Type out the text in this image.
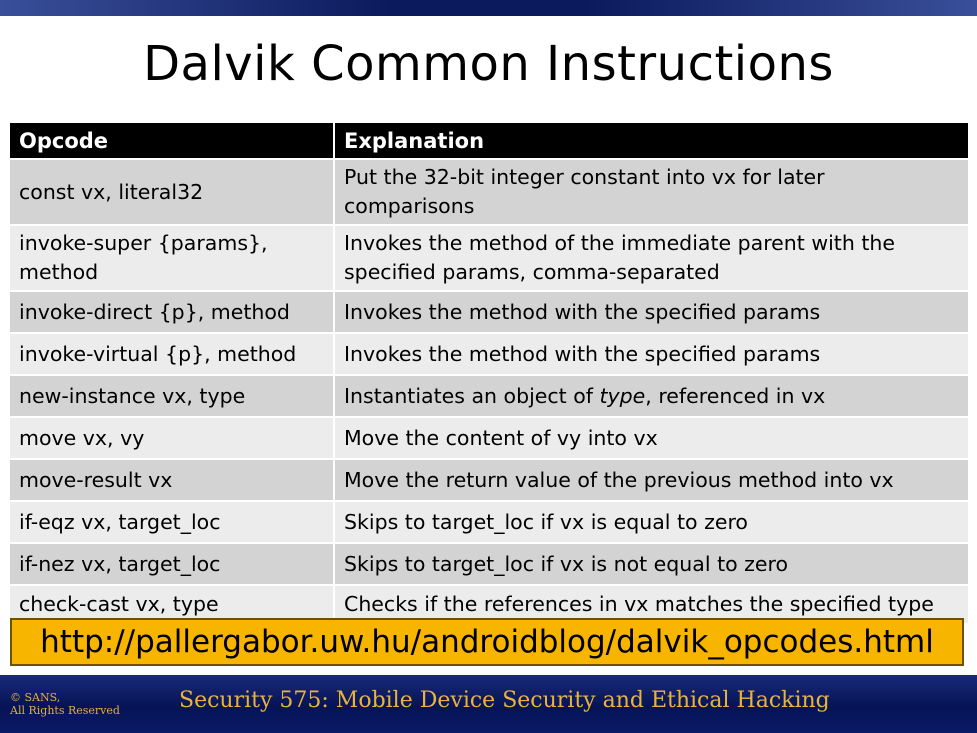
Dalvik Common Instructions
Opcode	Explanation
const vx, literal32	Put the 32-bit integer constant into vx for later comparisons
invoke-super {params}, method	Invokes the method of the immediate parent with the specified params, comma-separated
invoke-direct {p}, method	Invokes the method with the specified params
invoke-virtual {p}, method	Invokes the method with the specified params
new-instance vx, type	Instantiates an object of type, referenced in vx
move vx, vy	Move the content of vy into vx
move-result vx	Move the return value of the previous method into vx
if-eqz vx, target_loc	Skips to target_loc if vx is equal to zero
if-nez vx, target_loc	Skips to target_loc if vx is not equal to zero
check-cast vx, type	Checks if the references in vx matches the specified type
http://pallergabor.uw.hu/androidblog/dalvik_opcodes.html
© SANS,
All Rights Reserved	Security 575: Mobile Device Security and Ethical Hacking
